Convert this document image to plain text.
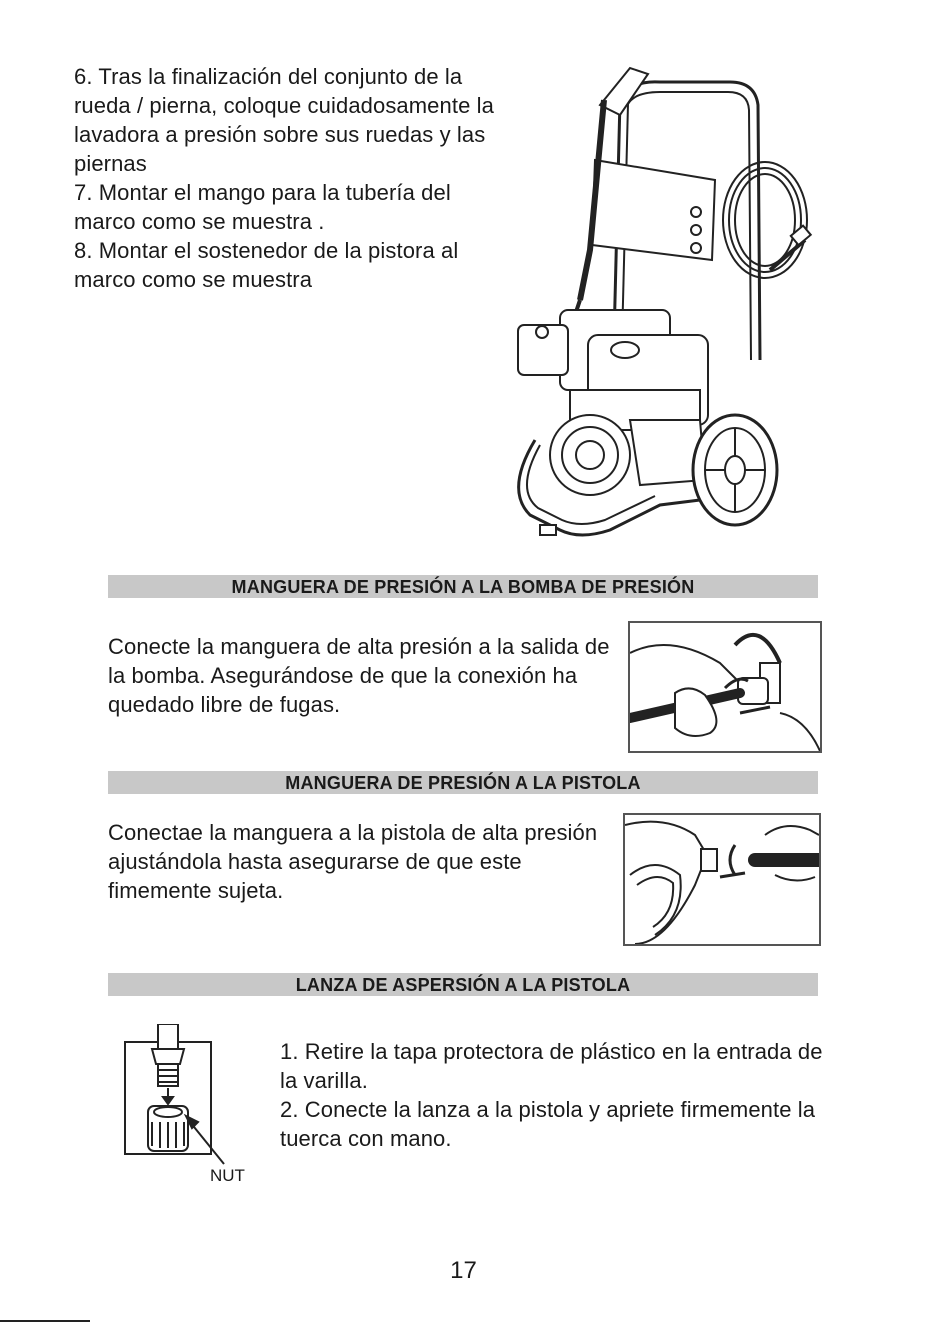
6. Tras la finalización del conjunto de la

rueda / pierna, coloque cuidadosamente la

lavadora a presión sobre sus ruedas y las

piernas

7. Montar el mango para la tubería del

marco como se muestra .

8. Montar el sostenedor de la pistora al

marco como se muestra

MANGUERA DE PRESIÓN A LA BOMBA DE PRESIÓN

Conecte la manguera de alta presión a la salida de

la bomba. Asegurándose de que la conexión ha

quedado libre de fugas.

MANGUERA DE PRESIÓN A LA PISTOLA

Conectae la manguera a la pistola de alta presión

ajustándola hasta asegurarse de que este

fimemente sujeta.

LANZA DE ASPERSIÓN A LA PISTOLA

1. Retire la tapa protectora de plástico en la entrada de

la varilla.

2. Conecte la lanza a la pistola y apriete firmemente la

tuerca con mano.

NUT
17
